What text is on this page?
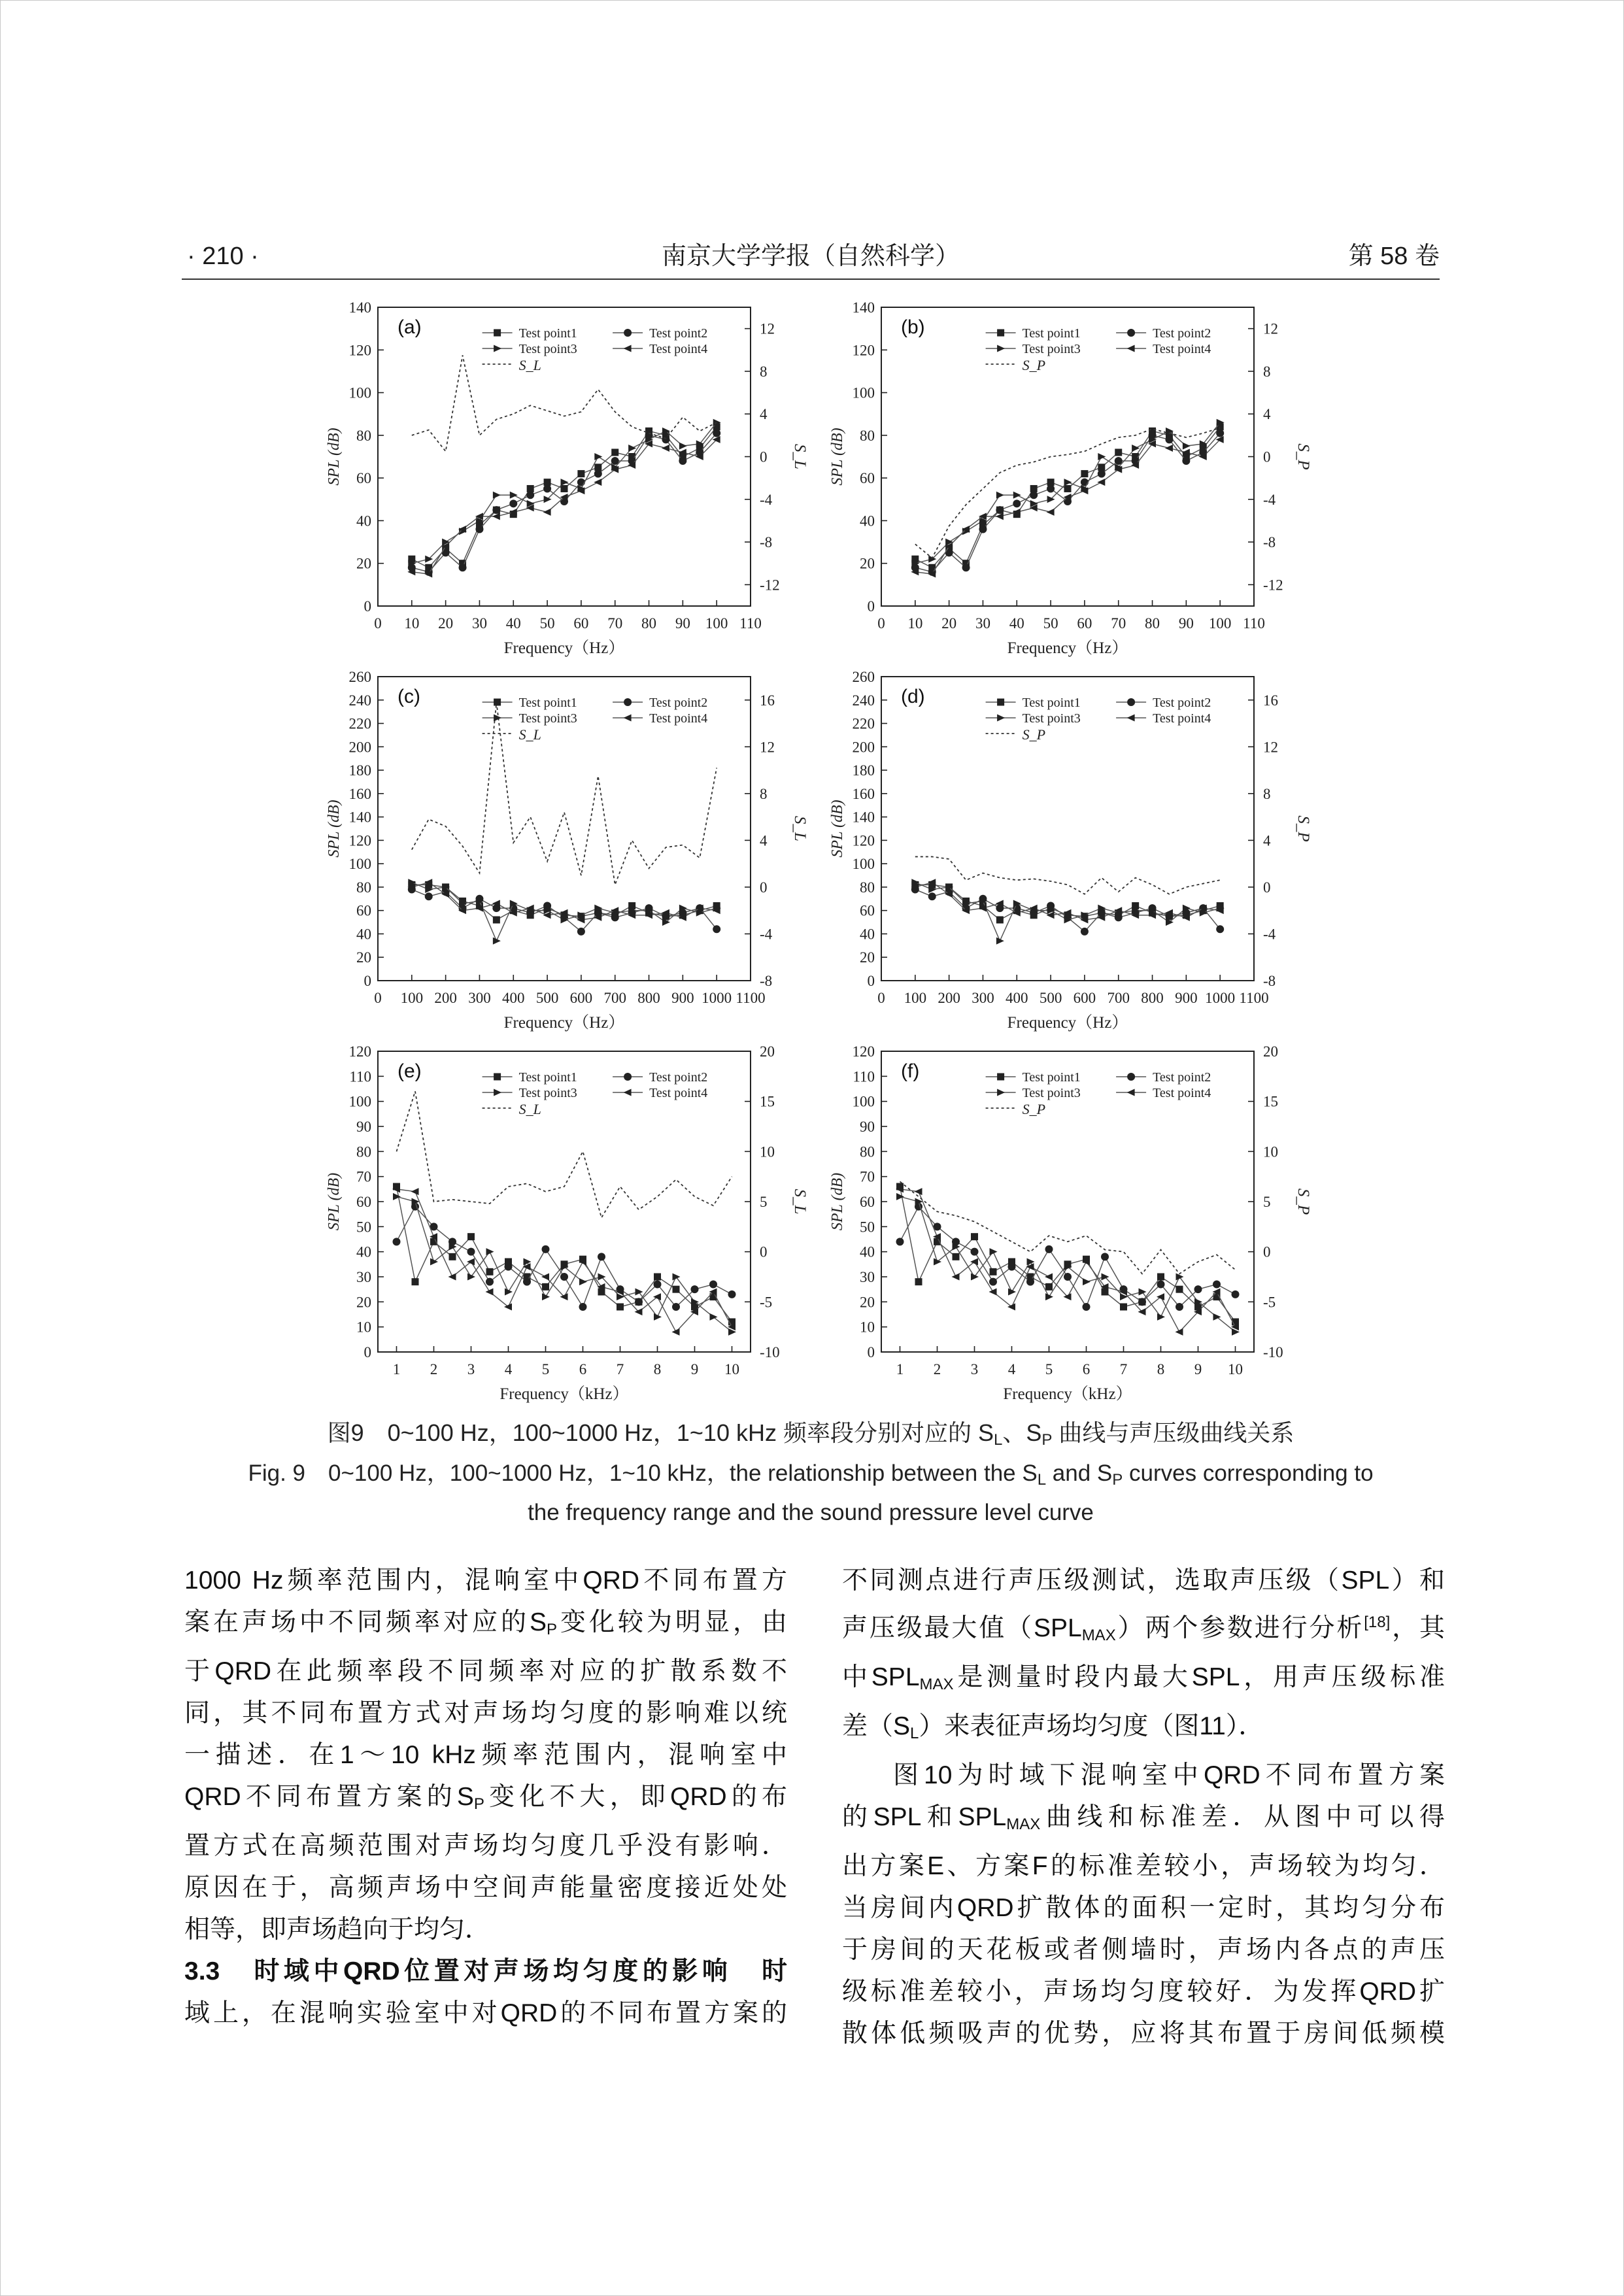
· 210 ·	南京大学学报（自然科学）	第 58 卷
0 10 20 30 40 50 60 70 80 90 100 110
0
20
40
60
80
100
120
140
-12
-8
-4
0
4
8
12
Frequency（Hz）
SPL (dB)	S_L
(a)	Test point1	Test point2
Test point3	Test point4
S_L
0 10 20 30 40 50 60 70 80 90 100 110
0
20
40
60
80
100
120
140
-12
-8
-4
0
4
8
12
Frequency（Hz）
SPL (dB)	S_P
(b)	Test point1	Test point2
Test point3	Test point4
S_P
0 100 200 300 400 500 600 700 800 900 1000 1100
0
20
40
60
80
100
120
140
160
180
200
220
240
260
-8
-4
0
4
8
12
16
Frequency（Hz）
SPL (dB)	S_L
(c)	Test point1	Test point2
Test point3	Test point4
S_L
0 100 200 300 400 500 600 700 800 900 1000 1100
0
20
40
60
80
100
120
140
160
180
200
220
240
260
-8
-4
0
4
8
12
16
Frequency（Hz）
SPL (dB)	S_P
(d)	Test point1	Test point2
Test point3	Test point4
S_P
1 2 3 4 5 6 7 8 9 10
0
10
20
30
40
50
60
70
80
90
100
110
120
-10
-5
0
5
10
15
20
Frequency（kHz）
SPL (dB)	S_L
(e)	Test point1	Test point2
Test point3	Test point4
S_L
1 2 3 4 5 6 7 8 9 10
0
10
20
30
40
50
60
70
80
90
100
110
120
-10
-5
0
5
10
15
20
Frequency（kHz）
SPL (dB)	S_P
(f)	Test point1	Test point2
Test point3	Test point4
S_P
图9　0~100 Hz，100~1000 Hz，1~10 kHz 频率段分别对应的 $S_L$、$S_P$ 曲线与声压级曲线关系
Fig. 9　0~100 Hz，100~1000 Hz，1~10 kHz，the relationship between the $S_L$ and $S_P$ curves corresponding to
the frequency range and the sound pressure level curve

1000 Hz频率范围内，混响室中QRD不同布置方

案在声场中不同频率对应的$S_P$变化较为明显，由

于QRD在此频率段不同频率对应的扩散系数不

同，其不同布置方式对声场均匀度的影响难以统

一描述．在1～10 kHz频率范围内，混响室中

QRD不同布置方案的$S_P$变化不大，即QRD的布

置方式在高频范围对声场均匀度几乎没有影响．

原因在于，高频声场中空间声能量密度接近处处

相等，即声场趋向于均匀．

3.3　时域中QRD位置对声场均匀度的影响　时

域上，在混响实验室中对QRD的不同布置方案的

不同测点进行声压级测试，选取声压级（SPL）和

声压级最大值$(SPL_{MAX})$两个参数进行分析[18]，其

中$SPL_{MAX}$是测量时段内最大SPL，用声压级标准

差$(S_L)$来表征声场均匀度（图11）．

图10为时域下混响室中QRD不同布置方案

的SPL和$SPL_{MAX}$曲线和标准差．从图中可以得

出方案E、方案F的标准差较小，声场较为均匀．

当房间内QRD扩散体的面积一定时，其均匀分布

于房间的天花板或者侧墙时，声场内各点的声压

级标准差较小，声场均匀度较好．为发挥QRD扩

散体低频吸声的优势，应将其布置于房间低频模
